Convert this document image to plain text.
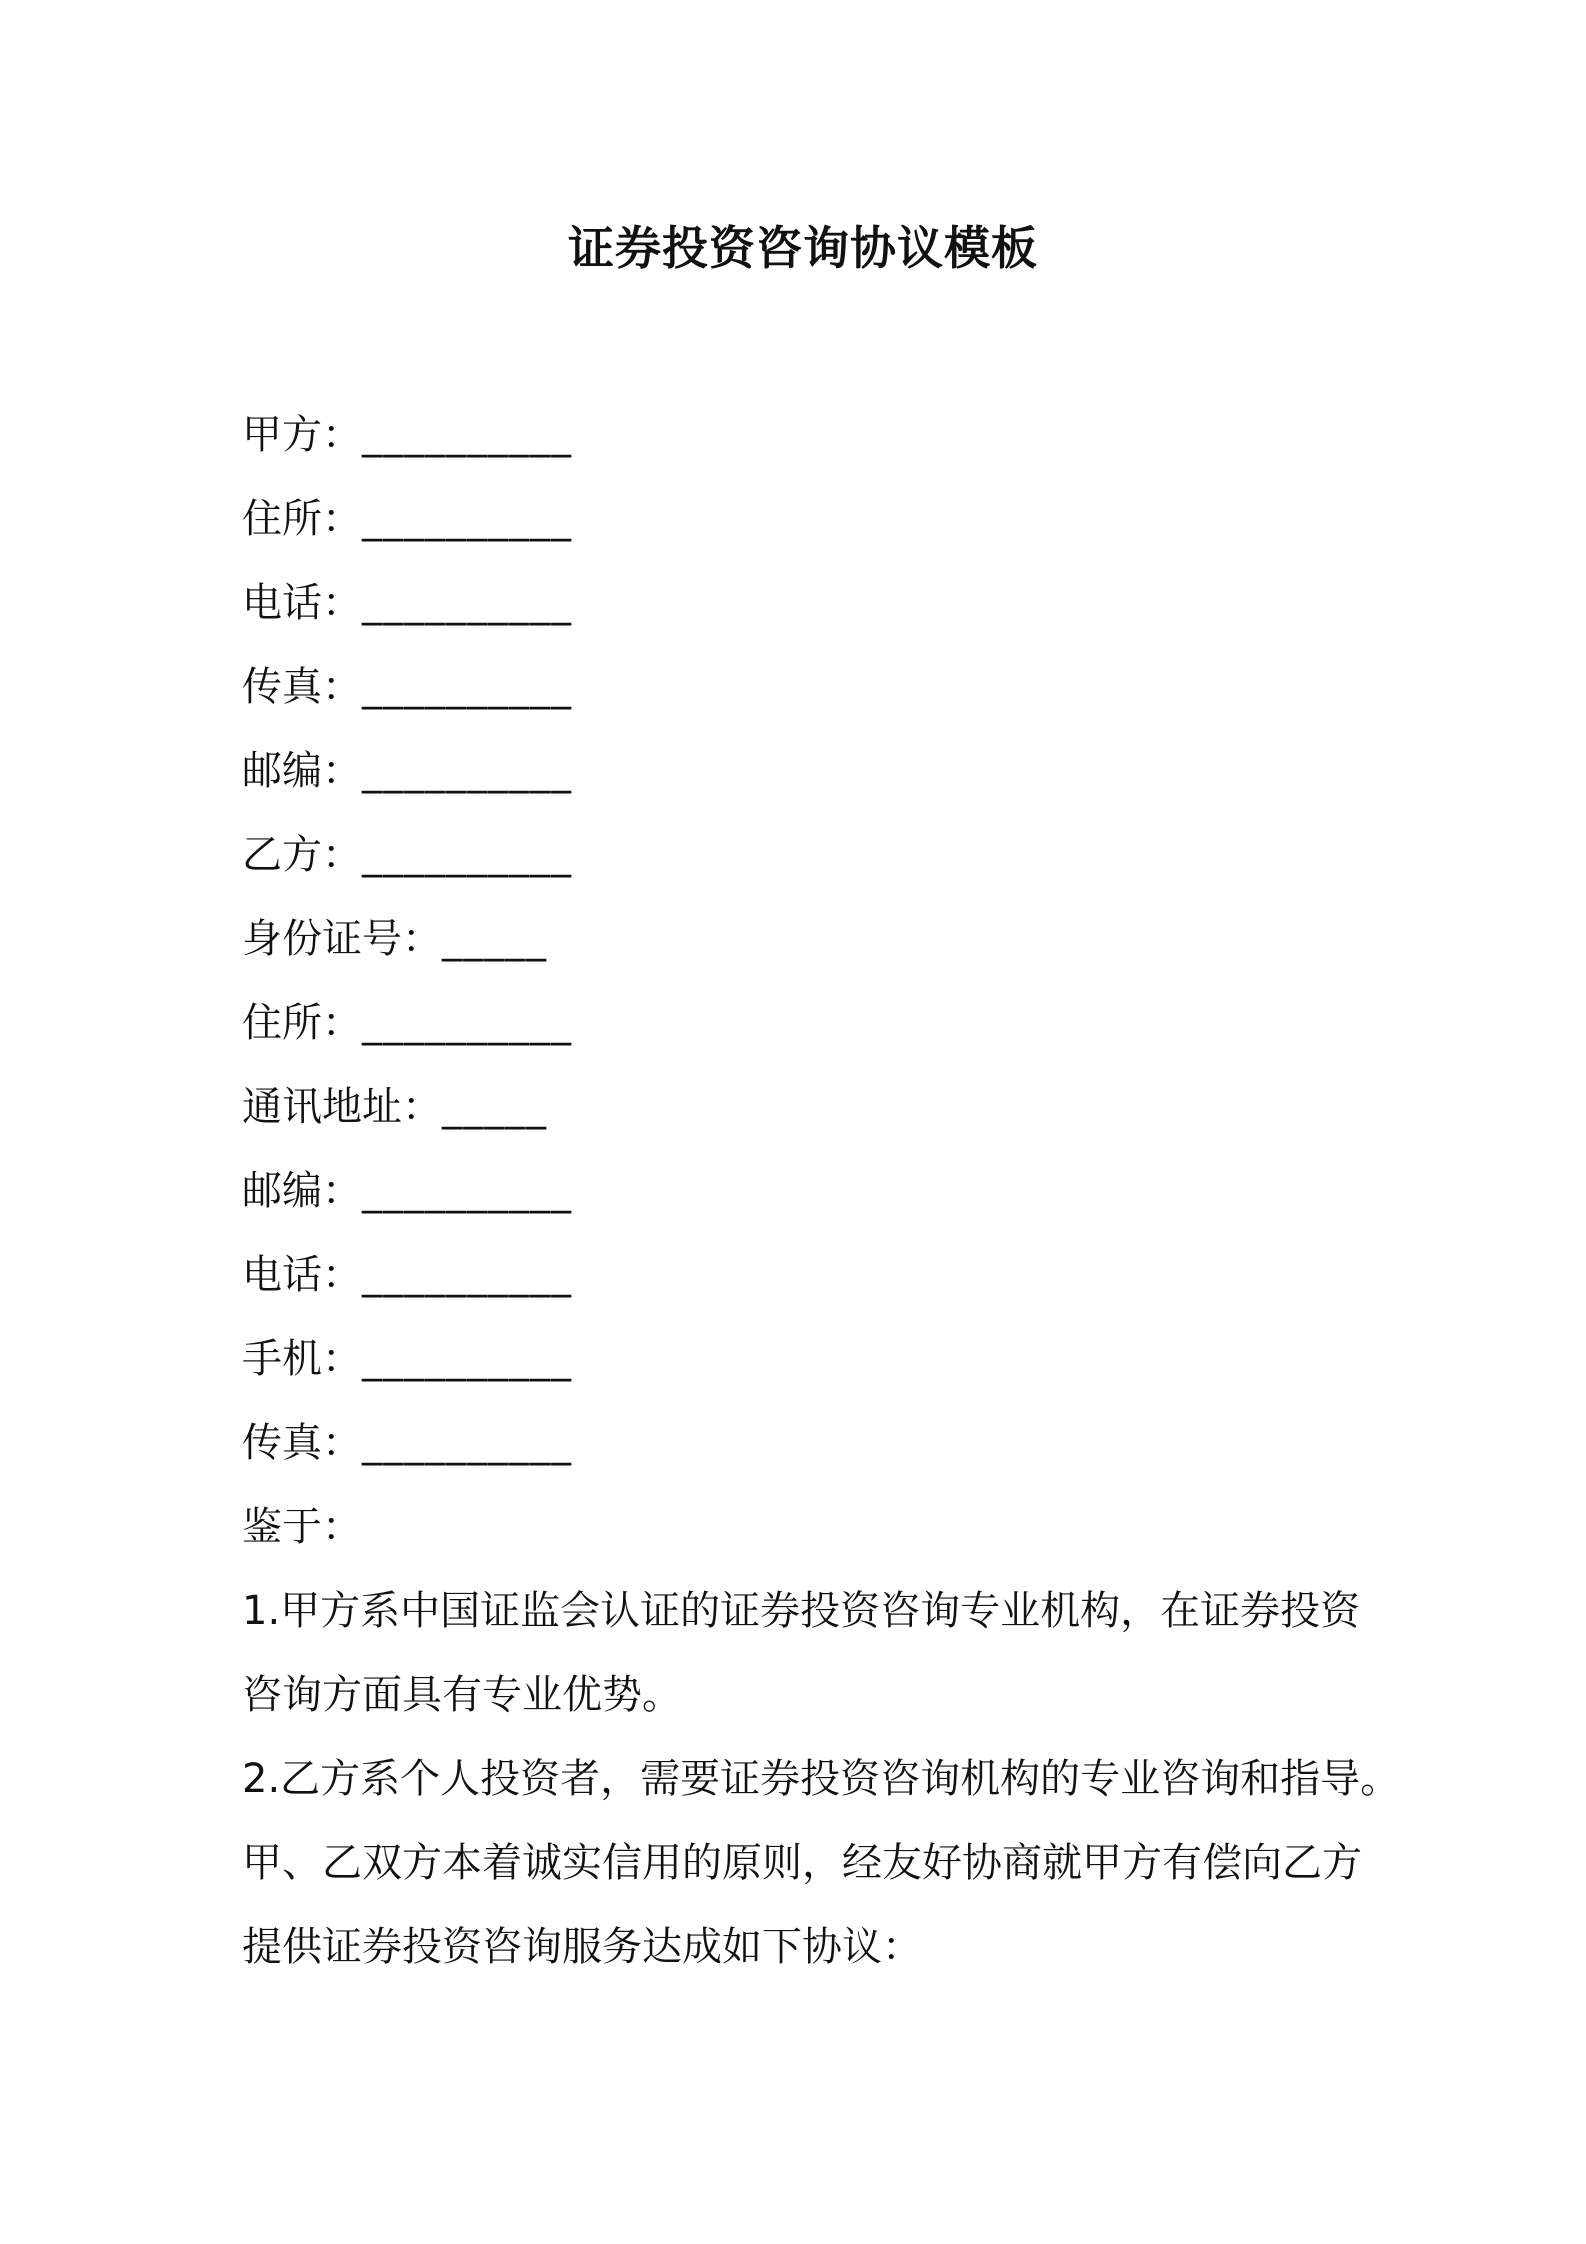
证券投资咨询协议模板
甲方：__________
住所：__________
电话：__________
传真：__________
邮编：__________
乙方：__________
身份证号：_____
住所：__________
通讯地址：_____
邮编：__________
电话：__________
手机：__________
传真：__________
鉴于：
1.甲方系中国证监会认证的证券投资咨询专业机构，在证券投资
咨询方面具有专业优势。
2.乙方系个人投资者，需要证券投资咨询机构的专业咨询和指导。
甲、乙双方本着诚实信用的原则，经友好协商就甲方有偿向乙方
提供证券投资咨询服务达成如下协议：
